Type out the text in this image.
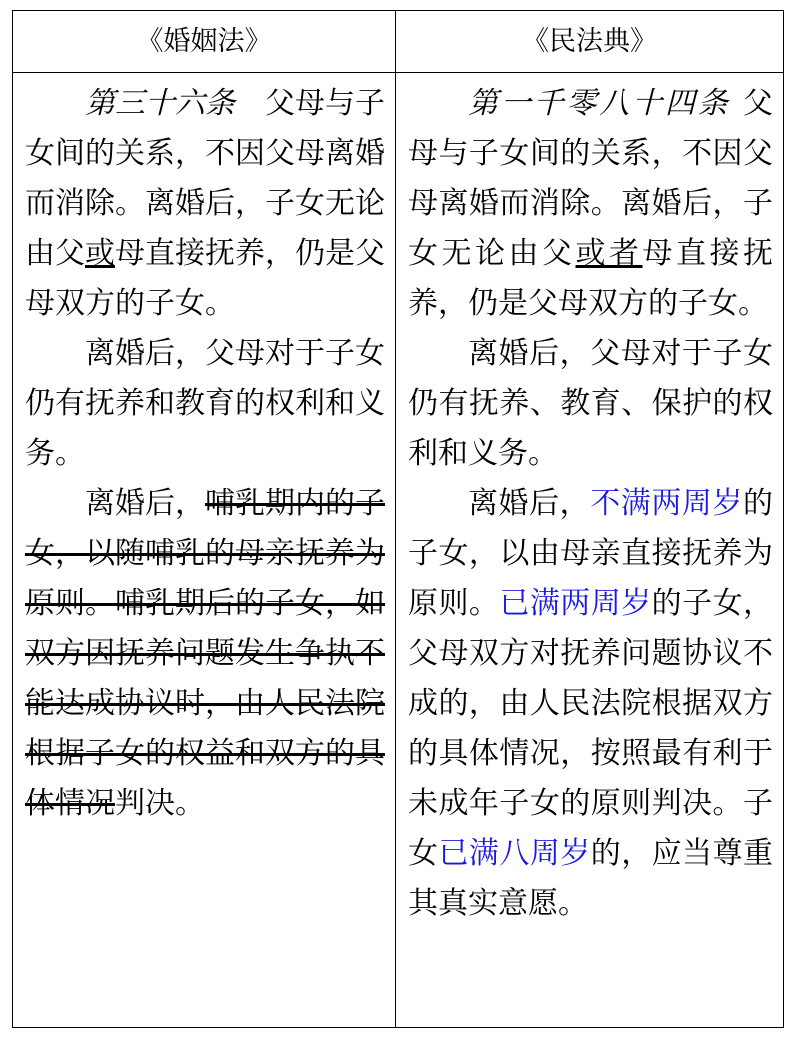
《婚姻法》	《民法典》

第三十六条　父母与子女间的关系，不因父母离婚而消除。离婚后，子女无论由父或母直接抚养，仍是父母双方的子女。

离婚后，父母对于子女仍有抚养和教育的权利和义务。

离婚后，哺乳期内的子女，以随哺乳的母亲抚养为原则。哺乳期后的子女，如双方因抚养问题发生争执不能达成协议时，由人民法院根据子女的权益和双方的具体情况判决。

第一千零八十四条 父母与子女间的关系，不因父母离婚而消除。离婚后，子女无论由父或者母直接抚养，仍是父母双方的子女。

离婚后，父母对于子女仍有抚养、教育、保护的权利和义务。

离婚后，不满两周岁的子女，以由母亲直接抚养为原则。已满两周岁的子女，父母双方对抚养问题协议不成的，由人民法院根据双方的具体情况，按照最有利于未成年子女的原则判决。子女已满八周岁的，应当尊重其真实意愿。
